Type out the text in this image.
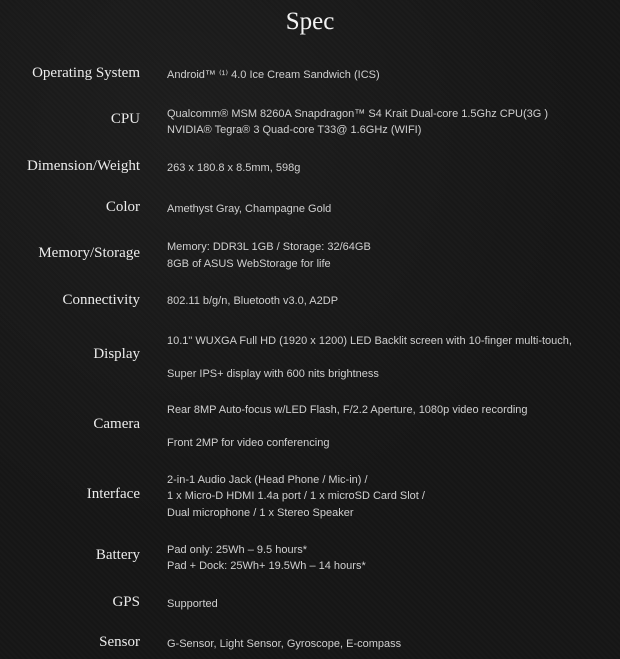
Spec
Operating System Android™ ⁽¹⁾ 4.0 Ice Cream Sandwich (ICS)
CPU Qualcomm® MSM 8260A Snapdragon™ S4 Krait Dual-core 1.5Ghz CPU(3G )
NVIDIA® Tegra® 3 Quad-core T33@ 1.6GHz (WIFI)
Dimension/Weight 263 x 180.8 x 8.5mm, 598g
Color Amethyst Gray, Champagne Gold
Memory/Storage Memory: DDR3L 1GB / Storage: 32/64GB
8GB of ASUS WebStorage for life
Connectivity 802.11 b/g/n, Bluetooth v3.0, A2DP
Display
10.1" WUXGA Full HD (1920 x 1200) LED Backlit screen with 10-finger multi-touch,
Super IPS+ display with 600 nits brightness
Camera
Rear 8MP Auto-focus w/LED Flash, F/2.2 Aperture, 1080p video recording
Front 2MP for video conferencing
Interface
2-in-1 Audio Jack (Head Phone / Mic-in) /
1 x Micro-D HDMI 1.4a port / 1 x microSD Card Slot /
Dual microphone / 1 x Stereo Speaker
Battery Pad only: 25Wh – 9.5 hours*
Pad + Dock: 25Wh+ 19.5Wh – 14 hours*
GPS Supported
Sensor G-Sensor, Light Sensor, Gyroscope, E-compass
